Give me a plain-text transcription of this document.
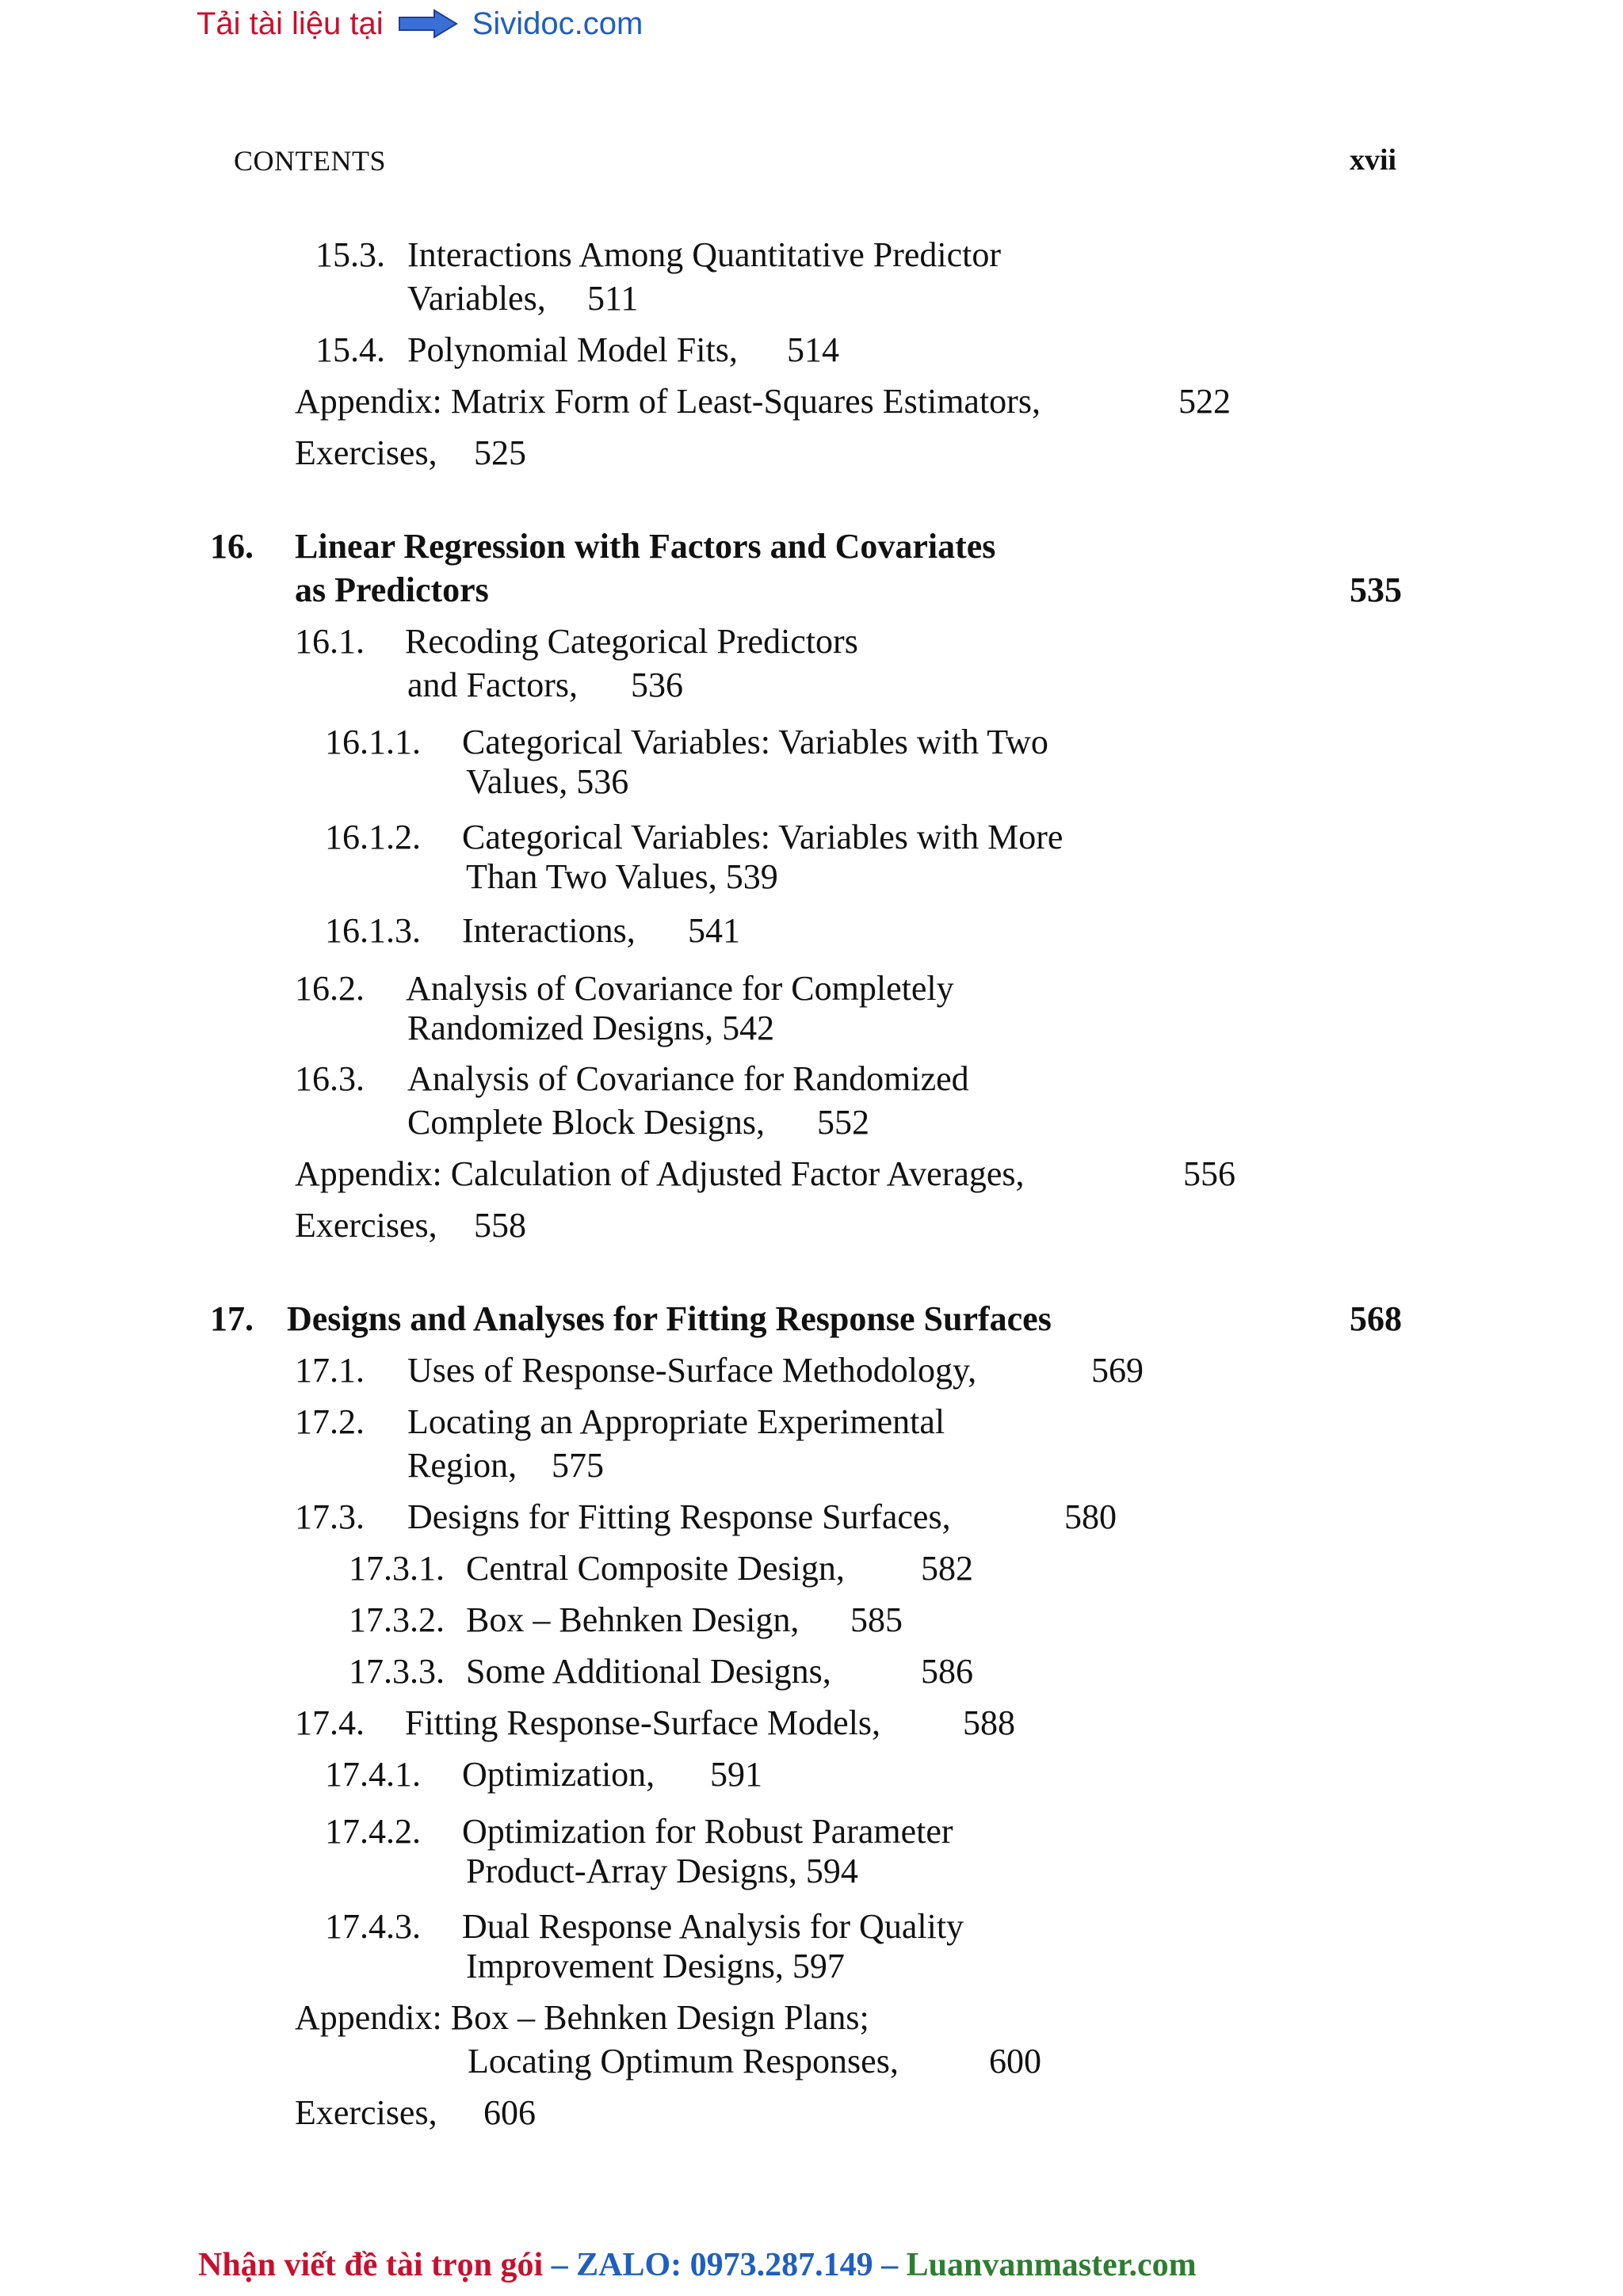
Tải tài liệu tại	Sividoc.com
CONTENTS	xvii
15.3. Interactions Among Quantitative Predictor
Variables, 511
15.4. Polynomial Model Fits, 514
Appendix: Matrix Form of Least-Squares Estimators,	522
Exercises, 525
16. Linear Regression with Factors and Covariates
as Predictors	535
16.1. Recoding Categorical Predictors
and Factors, 536
16.1.1. Categorical Variables: Variables with Two
Values, 536
16.1.2. Categorical Variables: Variables with More
Than Two Values, 539
16.1.3. Interactions, 541
16.2. Analysis of Covariance for Completely
Randomized Designs, 542
16.3. Analysis of Covariance for Randomized
Complete Block Designs, 552
Appendix: Calculation of Adjusted Factor Averages,	556
Exercises, 558
17. Designs and Analyses for Fitting Response Surfaces	568
17.1. Uses of Response-Surface Methodology,	569
17.2. Locating an Appropriate Experimental
Region, 575
17.3. Designs for Fitting Response Surfaces,	580
17.3.1. Central Composite Design, 582
17.3.2. Box – Behnken Design, 585
17.3.3. Some Additional Designs,	586
17.4. Fitting Response-Surface Models, 588
17.4.1. Optimization, 591
17.4.2. Optimization for Robust Parameter
Product-Array Designs, 594
17.4.3. Dual Response Analysis for Quality
Improvement Designs, 597
Appendix: Box – Behnken Design Plans;
Locating Optimum Responses,	600
Exercises, 606
Nhận viết đề tài trọn gói – ZALO: 0973.287.149 – Luanvanmaster.com
